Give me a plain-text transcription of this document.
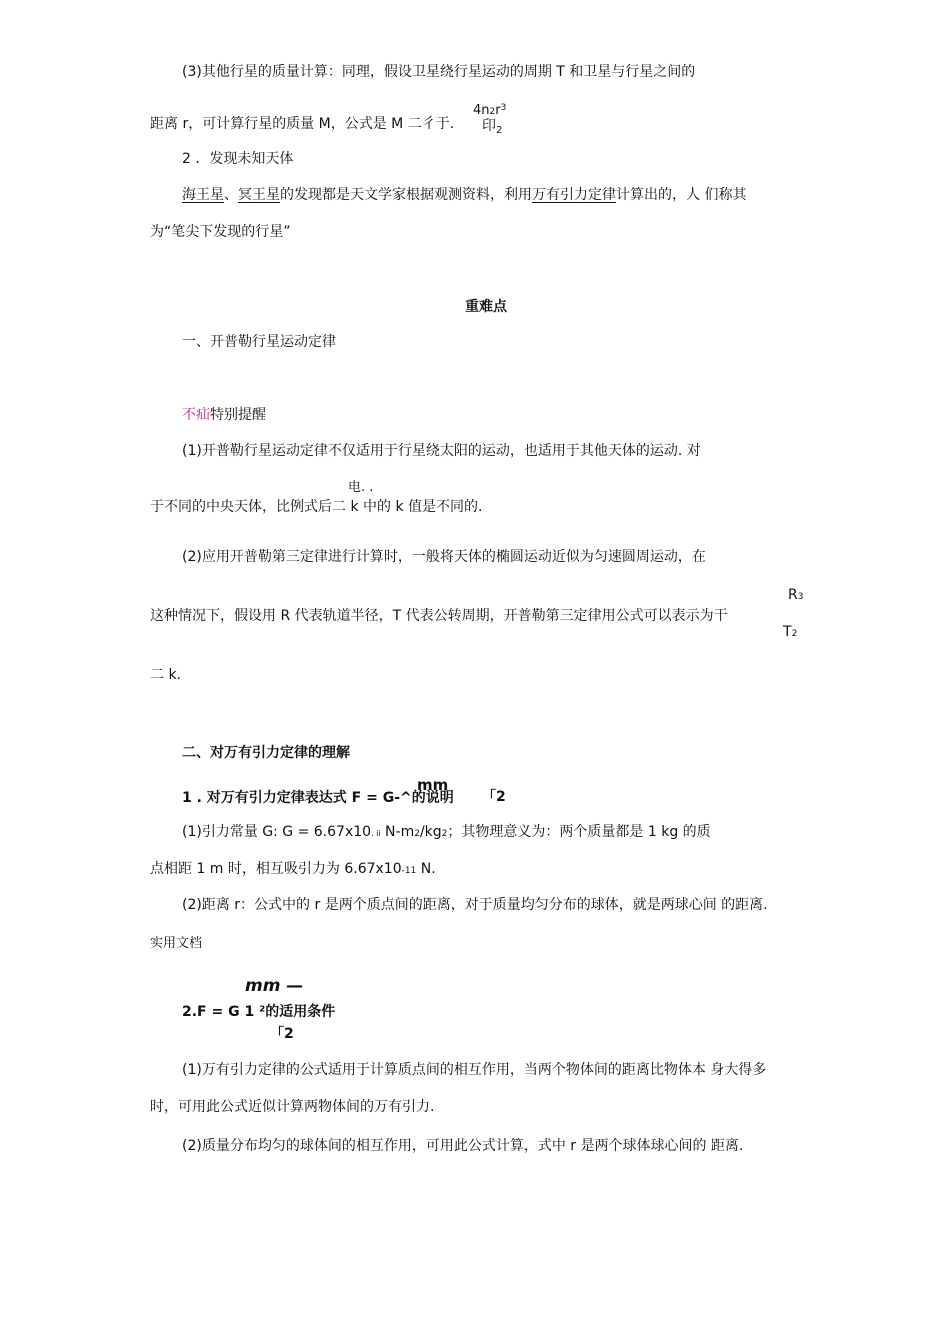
(3)其他行星的质量计算：同理，假设卫星绕行星运动的周期 T 和卫星与行星之间的
$4n2r^3$
距离 r，可计算行星的质量 M，公式是 M 二彳于. 印$_2$
2 ．发现未知天体
海王星、冥王星的发现都是天文学家根据观测资料，利用万有引力定律计算出的，人 们称其
为“笔尖下发现的行星”
重难点
一、开普勒行星运动定律
不疝特别提醒
(1)开普勒行星运动定律不仅适用于行星绕太阳的运动，也适用于其他天体的运动. 对
电. .
于不同的中央天体，比例式后二 k 中的 k 值是不同的.
(2)应用开普勒第三定律进行计算时，一般将天体的椭圆运动近似为匀速圆周运动，在
R3
这种情况下，假设用 R 代表轨道半径，T 代表公转周期，开普勒第三定律用公式可以表示为干
T2
二 k.
二、对万有引力定律的理解
mm
1 . 对万有引力定律表达式 F = G-^的说明 「2
(1)引力常量 G: G = 6.67x10. ii N-m2/kg2；其物理意义为：两个质量都是 1 kg 的质
点相距 1 m 时，相互吸引力为 6.67x10-11 N.
(2)距离 r：公式中的 r 是两个质点间的距离，对于质量均匀分布的球体，就是两球心间 的距离.
实用文档
mm —
2.F = G 1 ²的适用条件
「2
(1)万有引力定律的公式适用于计算质点间的相互作用，当两个物体间的距离比物体本 身大得多
时，可用此公式近似计算两物体间的万有引力.
(2)质量分布均匀的球体间的相互作用，可用此公式计算，式中 r 是两个球体球心间的 距离.
